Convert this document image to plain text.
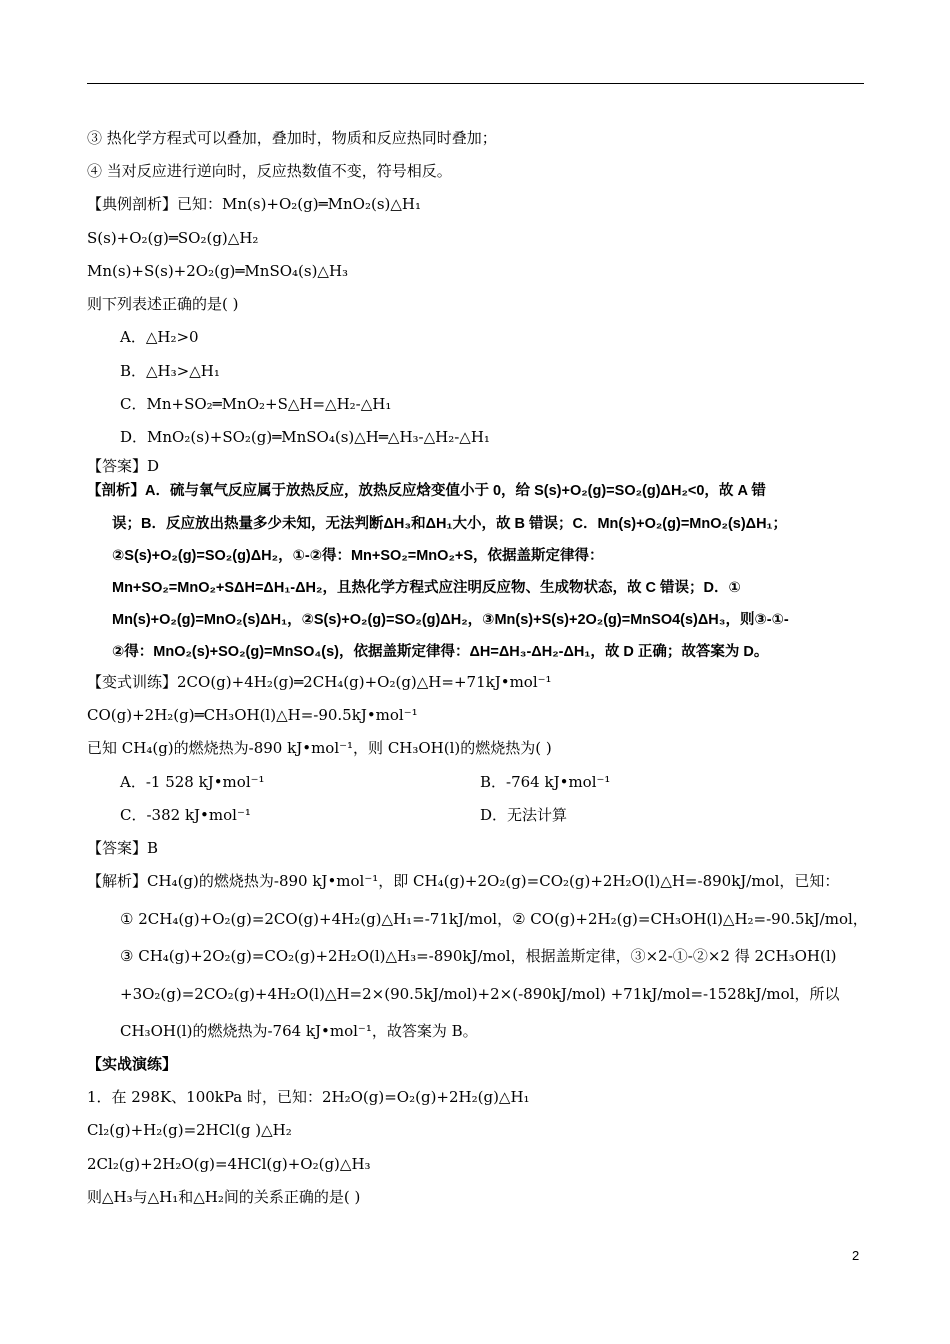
③ 热化学方程式可以叠加，叠加时，物质和反应热同时叠加；
④ 当对反应进行逆向时，反应热数值不变，符号相反。
【典例剖析】已知：Mn(s)+O₂(g)═MnO₂(s)△H₁
S(s)+O₂(g)═SO₂(g)△H₂
Mn(s)+S(s)+2O₂(g)═MnSO₄(s)△H₃
则下列表述正确的是( )
A．△H₂>0
B．△H₃>△H₁
C．Mn+SO₂═MnO₂+S△H=△H₂-△H₁
D．MnO₂(s)+SO₂(g)═MnSO₄(s)△H═△H₃-△H₂-△H₁
【答案】D
【剖析】A．硫与氧气反应属于放热反应，放热反应焓变值小于 0，给 S(s)+O₂(g)=SO₂(g)ΔH₂<0，故 A 错
误；B．反应放出热量多少未知，无法判断ΔH₃和ΔH₁大小，故 B 错误；C．Mn(s)+O₂(g)=MnO₂(s)ΔH₁；
②S(s)+O₂(g)=SO₂(g)ΔH₂，①-②得：Mn+SO₂=MnO₂+S，依据盖斯定律得：
Mn+SO₂=MnO₂+SΔH=ΔH₁-ΔH₂，且热化学方程式应注明反应物、生成物状态，故 C 错误；D．①
Mn(s)+O₂(g)=MnO₂(s)ΔH₁，②S(s)+O₂(g)=SO₂(g)ΔH₂，③Mn(s)+S(s)+2O₂(g)=MnSO4(s)ΔH₃，则③-①-
②得：MnO₂(s)+SO₂(g)=MnSO₄(s)，依据盖斯定律得：ΔH=ΔH₃-ΔH₂-ΔH₁，故 D 正确；故答案为 D。
【变式训练】2CO(g)+4H₂(g)═2CH₄(g)+O₂(g)△H=+71kJ•mol⁻¹
CO(g)+2H₂(g)═CH₃OH(l)△H=-90.5kJ•mol⁻¹
已知 CH₄(g)的燃烧热为-890 kJ•mol⁻¹，则 CH₃OH(l)的燃烧热为( )
A．-1 528 kJ•mol⁻¹	B．-764 kJ•mol⁻¹
C．-382 kJ•mol⁻¹	D．无法计算
【答案】B
【解析】CH₄(g)的燃烧热为-890 kJ•mol⁻¹，即 CH₄(g)+2O₂(g)=CO₂(g)+2H₂O(l)△H=-890kJ/mol，已知：
① 2CH₄(g)+O₂(g)=2CO(g)+4H₂(g)△H₁=-71kJ/mol，② CO(g)+2H₂(g)=CH₃OH(l)△H₂=-90.5kJ/mol，
③ CH₄(g)+2O₂(g)=CO₂(g)+2H₂O(l)△H₃=-890kJ/mol，根据盖斯定律，③×2-①-②×2 得 2CH₃OH(l)
+3O₂(g)=2CO₂(g)+4H₂O(l)△H=2×(90.5kJ/mol)+2×(-890kJ/mol) +71kJ/mol=-1528kJ/mol，所以
CH₃OH(l)的燃烧热为-764 kJ•mol⁻¹，故答案为 B。
【实战演练】
1．在 298K、100kPa 时，已知：2H₂O(g)=O₂(g)+2H₂(g)△H₁
Cl₂(g)+H₂(g)=2HCl(g )△H₂
2Cl₂(g)+2H₂O(g)=4HCl(g)+O₂(g)△H₃
则△H₃与△H₁和△H₂间的关系正确的是( )
2
